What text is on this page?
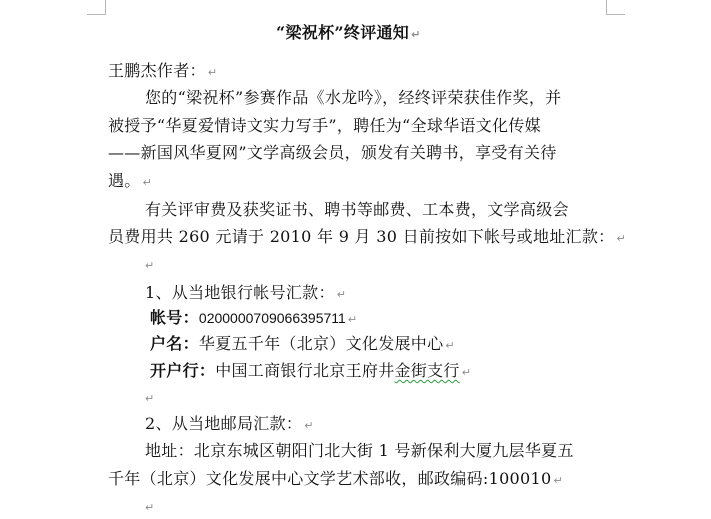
“梁祝杯”终评通知 ↵
王鹏杰作者： ↵
您的“梁祝杯”参赛作品《水龙吟》，经终评荣获佳作奖，并
被授予“华夏爱情诗文实力写手”，聘任为“全球华语文化传媒
——新国风华夏网”文学高级会员，颁发有关聘书，享受有关待
遇。 ↵
有关评审费及获奖证书、聘书等邮费、工本费，文学高级会
员费用共 260 元请于 2010 年 9 月 30 日前按如下帐号或地址汇款： ↵
↵
1、从当地银行帐号汇款： ↵
帐号：0200000709066395711 ↵
户名：华夏五千年（北京）文化发展中心 ↵
开户行：中国工商银行北京王府井金街支行 ↵
↵
2、从当地邮局汇款： ↵
地址：北京东城区朝阳门北大街 1 号新保利大厦九层华夏五
千年（北京）文化发展中心文学艺术部收，邮政编码:100010 ↵
↵
